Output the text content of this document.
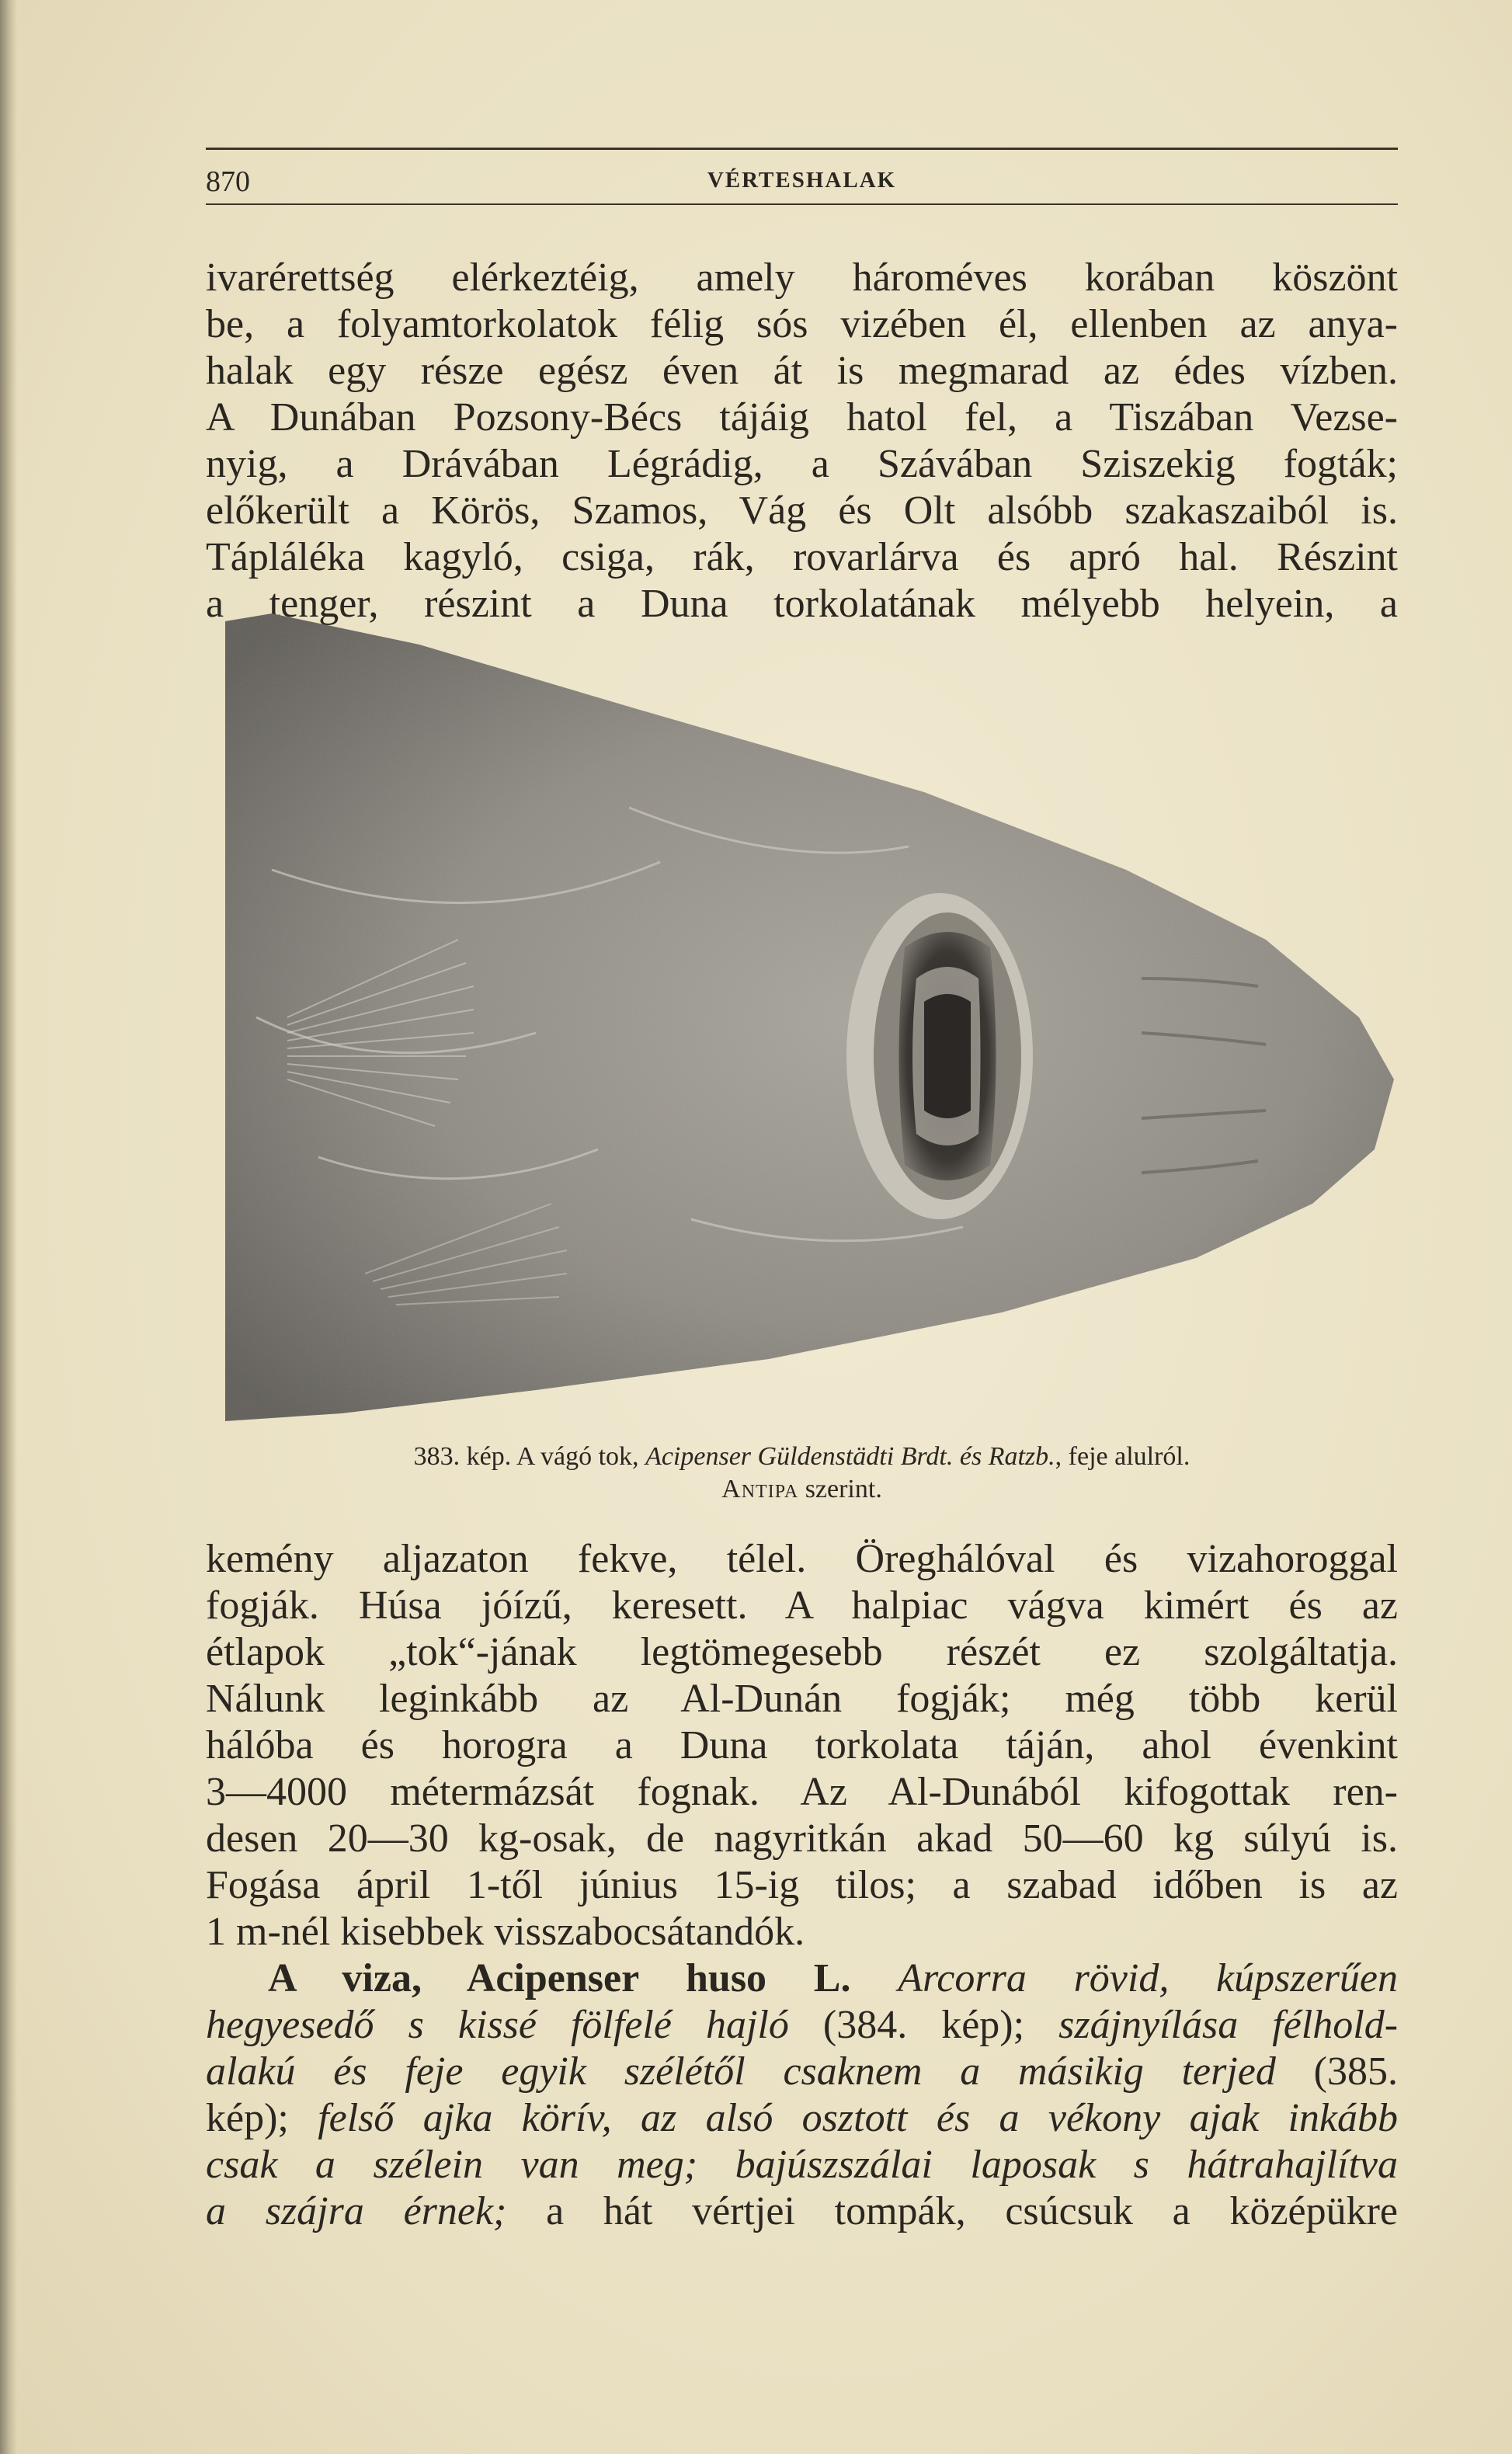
870	VÉRTESHALAK
ivarérettség elérkeztéig, amely hároméves korában köszönt
be, a folyamtorkolatok félig sós vizében él, ellenben az anya-
halak egy része egész éven át is megmarad az édes vízben.
A Dunában Pozsony-Bécs tájáig hatol fel, a Tiszában Vezse-
nyig, a Drávában Légrádig, a Szávában Sziszekig fogták;
előkerült a Körös, Szamos, Vág és Olt alsóbb szakaszaiból is.
Tápláléka kagyló, csiga, rák, rovarlárva és apró hal. Részint
a tenger, részint a Duna torkolatának mélyebb helyein, a
383. kép. A vágó tok, Acipenser Güldenstädti Brdt. és Ratzb., feje alulról.
Antipa szerint.
kemény aljazaton fekve, télel. Öreghálóval és vizahoroggal
fogják. Húsa jóízű, keresett. A halpiac vágva kimért és az
étlapok „tok“-jának legtömegesebb részét ez szolgáltatja.
Nálunk leginkább az Al-Dunán fogják; még több kerül
hálóba és horogra a Duna torkolata táján, ahol évenkint
3—4000 métermázsát fognak. Az Al-Dunából kifogottak ren-
desen 20—30 kg-osak, de nagyritkán akad 50—60 kg súlyú is.
Fogása ápril 1-től június 15-ig tilos; a szabad időben is az
1 m-nél kisebbek visszabocsátandók.
A viza, Acipenser huso L. Arcorra rövid, kúpszerűen
hegyesedő s kissé fölfelé hajló (384. kép); szájnyílása félhold-
alakú és feje egyik szélétől csaknem a másikig terjed (385.
kép); felső ajka körív, az alsó osztott és a vékony ajak inkább
csak a szélein van meg; bajúszszálai laposak s hátrahajlítva
a szájra érnek; a hát vértjei tompák, csúcsuk a középükre
